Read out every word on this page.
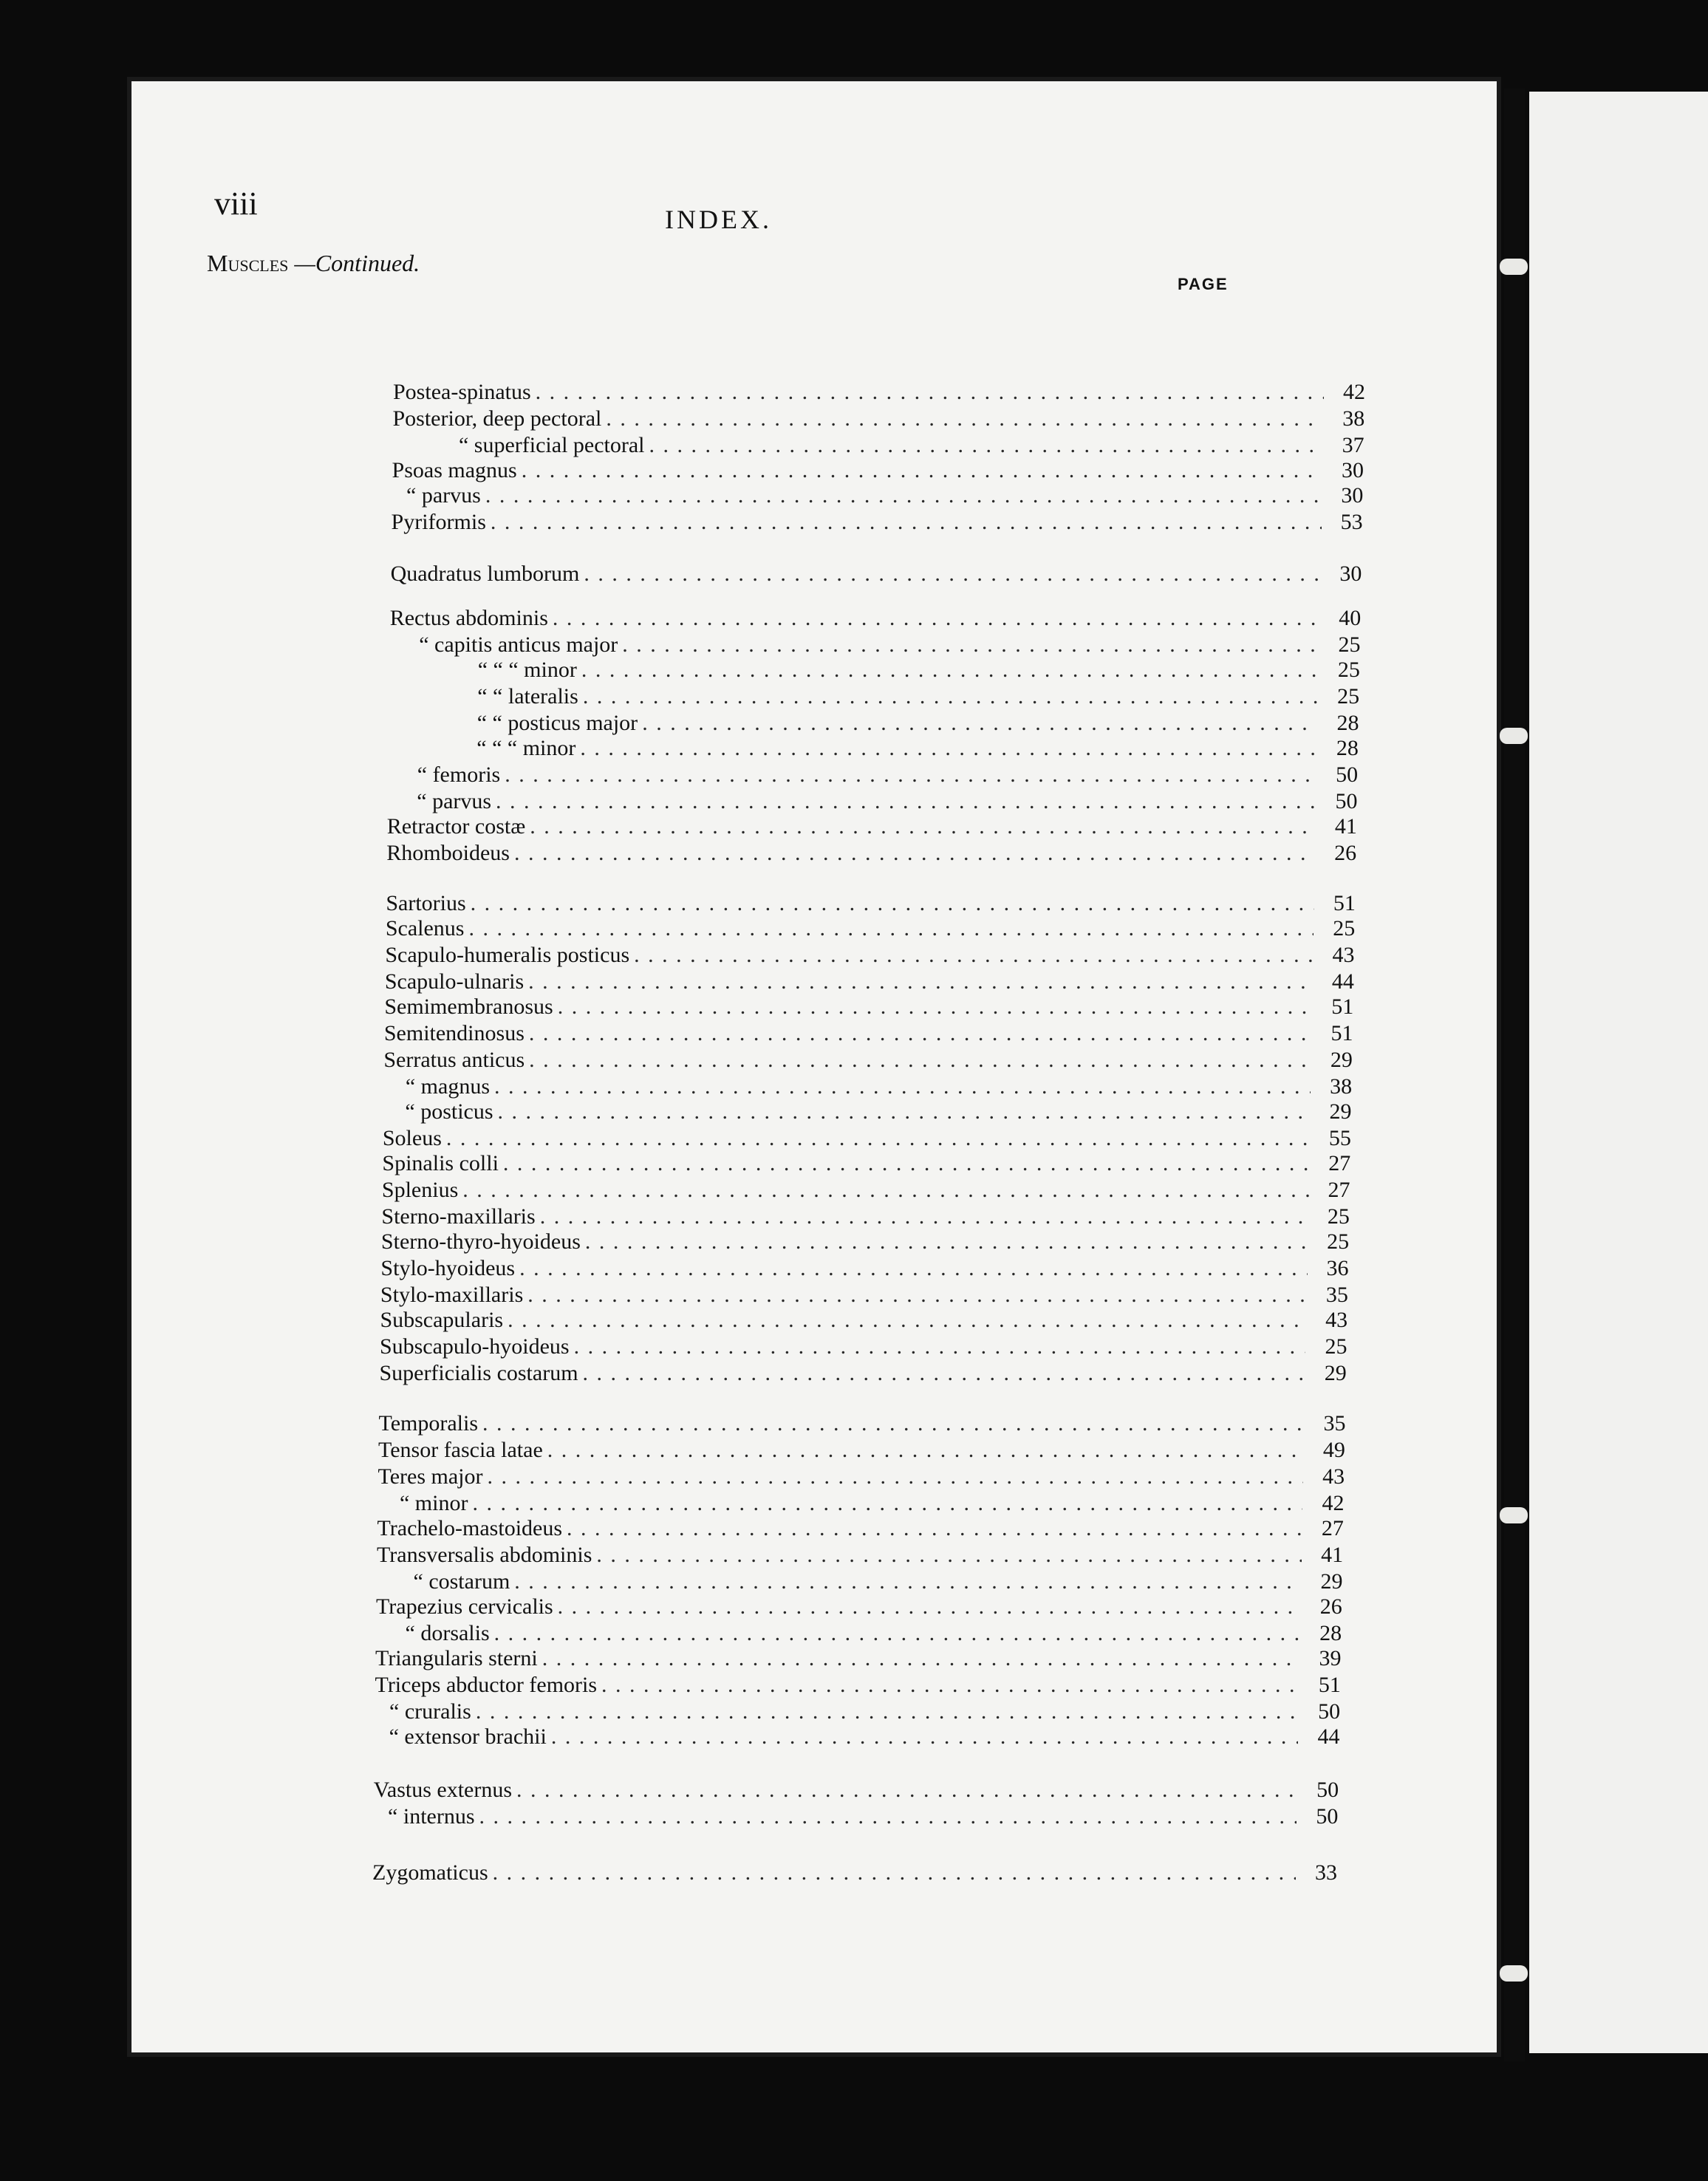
viii	INDEX.
Muscles —Continued.
PAGE
Postea-spinatus . . .	42
Posterior, deep pectoral . . .	38
“ superficial pectoral . . .	37
Psoas magnus . . .	30
“ parvus . . .	30
Pyriformis . . .	53
Quadratus lumborum . . .	30
Rectus abdominis . . .	40
“ capitis anticus major . . .	25
“ “ “ minor . . .	25
“ “ lateralis . . .	25
“ “ posticus major . . .	28
“ “ “ minor . . .	28
“ femoris . . .	50
“ parvus . . .	50
Retractor costæ . . .	41
Rhomboideus . . .	26
Sartorius . . .	51
Scalenus . . .	25
Scapulo-humeralis posticus . . .	43
Scapulo-ulnaris . . .	44
Semimembranosus . . .	51
Semitendinosus . . .	51
Serratus anticus . . .	29
“ magnus . . .	38
“ posticus . . .	29
Soleus . . .	55
Spinalis colli . . .	27
Splenius . . .	27
Sterno-maxillaris . . .	25
Sterno-thyro-hyoideus . . .	25
Stylo-hyoideus . . .	36
Stylo-maxillaris . . .	35
Subscapularis . . .	43
Subscapulo-hyoideus . . .	25
Superficialis costarum . . .	29
Temporalis . . .	35
Tensor fascia latae . . .	49
Teres major . . .	43
“ minor . . .	42
Trachelo-mastoideus . . .	27
Transversalis abdominis . . .	41
“ costarum . . .	29
Trapezius cervicalis . . .	26
“ dorsalis . . .	28
Triangularis sterni . . .	39
Triceps abductor femoris . . .	51
“ cruralis . . .	50
“ extensor brachii . . .	44
Vastus externus . . .	50
“ internus . . .	50
Zygomaticus . . .	33
